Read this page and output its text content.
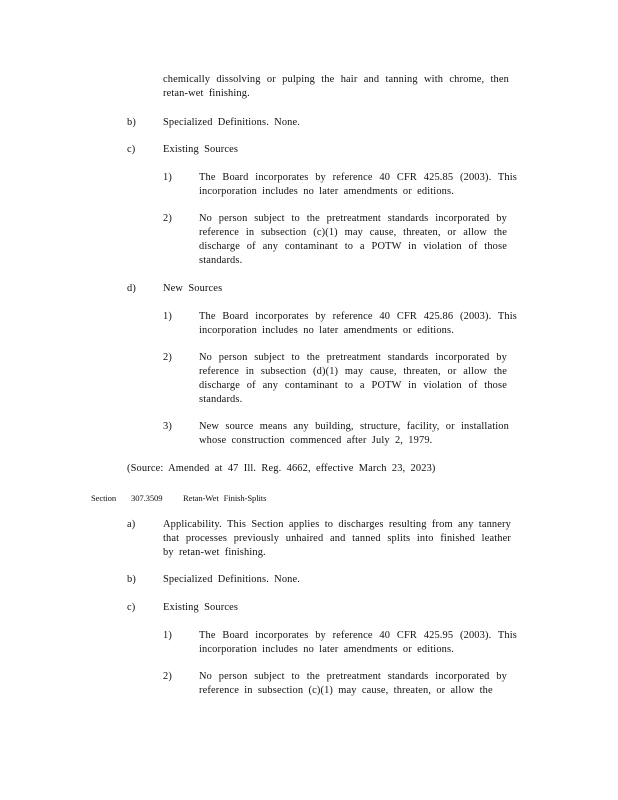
chemically dissolving or pulping the hair and tanning with chrome, then retan-wet finishing.
b)	Specialized Definitions. None.
c)	Existing Sources
1)	The Board incorporates by reference 40 CFR 425.85 (2003). This incorporation includes no later amendments or editions.
2)	No person subject to the pretreatment standards incorporated by reference in subsection (c)(1) may cause, threaten, or allow the discharge of any contaminant to a POTW in violation of those standards.
d)	New Sources
1)	The Board incorporates by reference 40 CFR 425.86 (2003). This incorporation includes no later amendments or editions.
2)	No person subject to the pretreatment standards incorporated by reference in subsection (d)(1) may cause, threaten, or allow the discharge of any contaminant to a POTW in violation of those standards.
3)	New source means any building, structure, facility, or installation whose construction commenced after July 2, 1979.
(Source: Amended at 47 Ill. Reg. 4662, effective March 23, 2023)
Section 307.3509 Retan-Wet Finish-Splits
a)	Applicability. This Section applies to discharges resulting from any tannery that processes previously unhaired and tanned splits into finished leather by retan-wet finishing.
b)	Specialized Definitions. None.
c)	Existing Sources
1)	The Board incorporates by reference 40 CFR 425.95 (2003). This incorporation includes no later amendments or editions.
2)	No person subject to the pretreatment standards incorporated by reference in subsection (c)(1) may cause, threaten, or allow the
